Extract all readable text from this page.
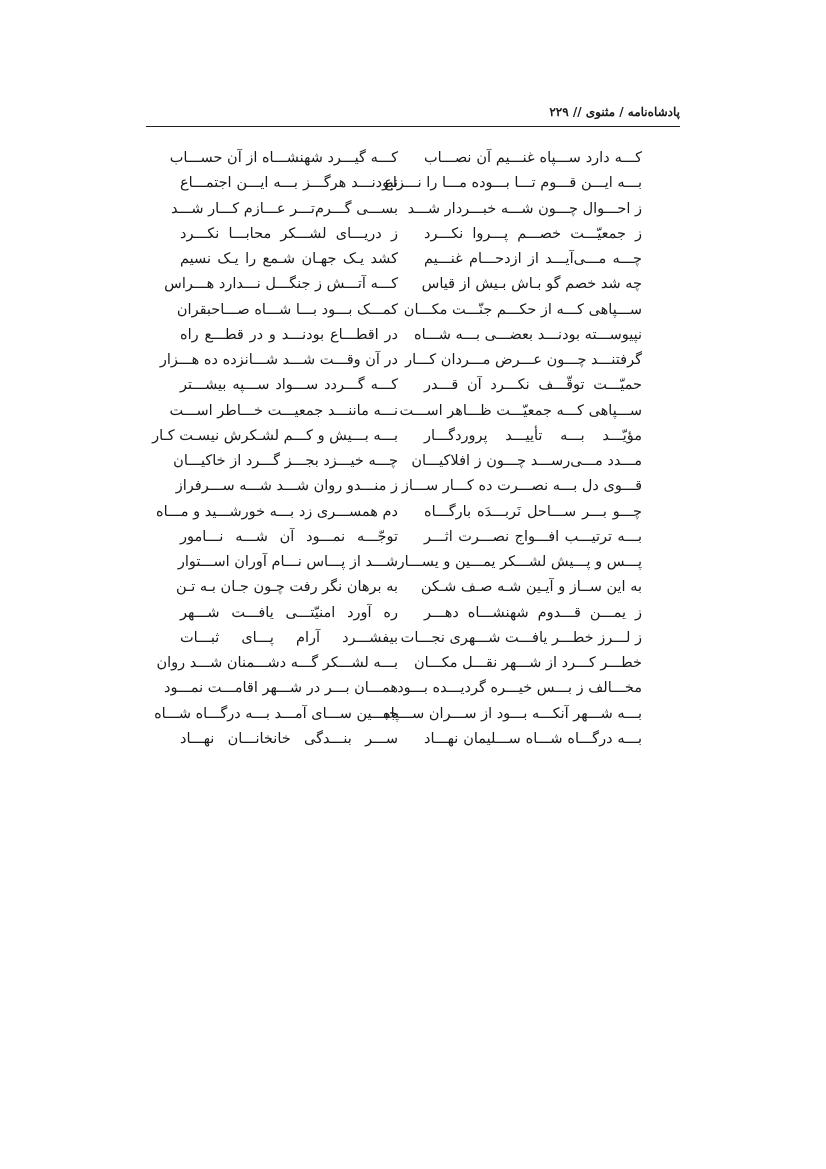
پادشاه‌نامه / مثنوی // ۲۲۹
کـــه دارد ســـپاه غنـــیم آن نصـــاب
کـــه گیـــرد شهنشـــاه از آن حســـاب
بـــه ایـــن قـــوم تـــا بـــوده مـــا را نـــزاع
نبودنـــد هرگـــز بـــه ایـــن اجتمـــاع
ز احـــوال چـــون شـــه خبـــردار شـــد
بســـی گـــرم‌تـــر عـــازم کـــار شـــد
ز جمعیّـــت خصـــم پـــروا نکـــرد
ز دریـــای لشـــکر محابـــا نکـــرد
چـــه مـــی‌آیـــد از ازدحـــام غنـــیم
کشد یـک جهـان شـمع را یـک نسیم
چه شد خصم گو بـاش بـیش از قیاس
کـــه آتـــش ز جنگـــل نـــدارد هـــراس
ســـپاهی کـــه از حکـــم جنّـــت مکـــان
کمـــک بـــود بـــا شـــاه صـــاحبقران
نپیوســـته بودنـــد بعضـــی بـــه شـــاه
در اقطـــاع بودنـــد و در قطـــع راه
گرفتنـــد چـــون عـــرض مـــردان کـــار
در آن وقـــت شـــد شـــانزده ده هـــزار
حمیّـــت توقّـــف نکـــرد آن قـــدر
کـــه گـــردد ســـواد ســـپه بیشـــتر
ســـپاهی کـــه جمعیّـــت ظـــاهر اســـت
نـــه ماننـــد جمعیـــت خـــاطر اســـت
مؤیّـــد بـــه تأییـــد پروردگـــار
بـــه بـــیش و کـــم لشـکرش نیسـت کـار
مـــدد مـــی‌رســـد چـــون ز افلاکیـــان
چـــه خیـــزد بجـــز گـــرد از خاکیـــان
قـــوی دل بـــه نصـــرت ده کـــار ســـاز
ز منـــدو روان شـــد شـــه ســـرفراز
چـــو بـــر ســـاحل نَربـــدَه بارگـــاه
دم همســـری زد بـــه خورشـــید و مـــاه
بـــه ترتیـــب افـــواج نصـــرت اثـــر
توجّـــه نمـــود آن شـــه نـــامور
پـــس و پـــیش لشـــکر یمـــین و یســـار
شـــد از پـــاس نـــام آوران اســـتوار
به این ســاز و آیـین شـه صـف شـکن
به برهان نگر رفت چـون جـان بـه تـن
ز یمـــن قـــدوم شهنشـــاه دهـــر
ره آورد امنیّتـــی یافـــت شـــهر
ز لـــرز خطـــر یافـــت شـــهری نجـــات
بیفشـــرد آرام پـــای ثبـــات
خطـــر کـــرد از شـــهر نقـــل مکـــان
بـــه لشـــکر گـــه دشـــمنان شـــد روان
مخـــالف ز بـــس خیـــره گردیـــده بـــود
همـــان بـــر در شـــهر اقامـــت نمـــود
بـــه شـــهر آنکـــه بـــود از ســـران ســـپاه
جبـــین ســـای آمـــد بـــه درگـــاه شـــاه
بـــه درگـــاه شـــاه ســـلیمان نهـــاد
ســـر بنـــدگی خانخانـــان نهـــاد
